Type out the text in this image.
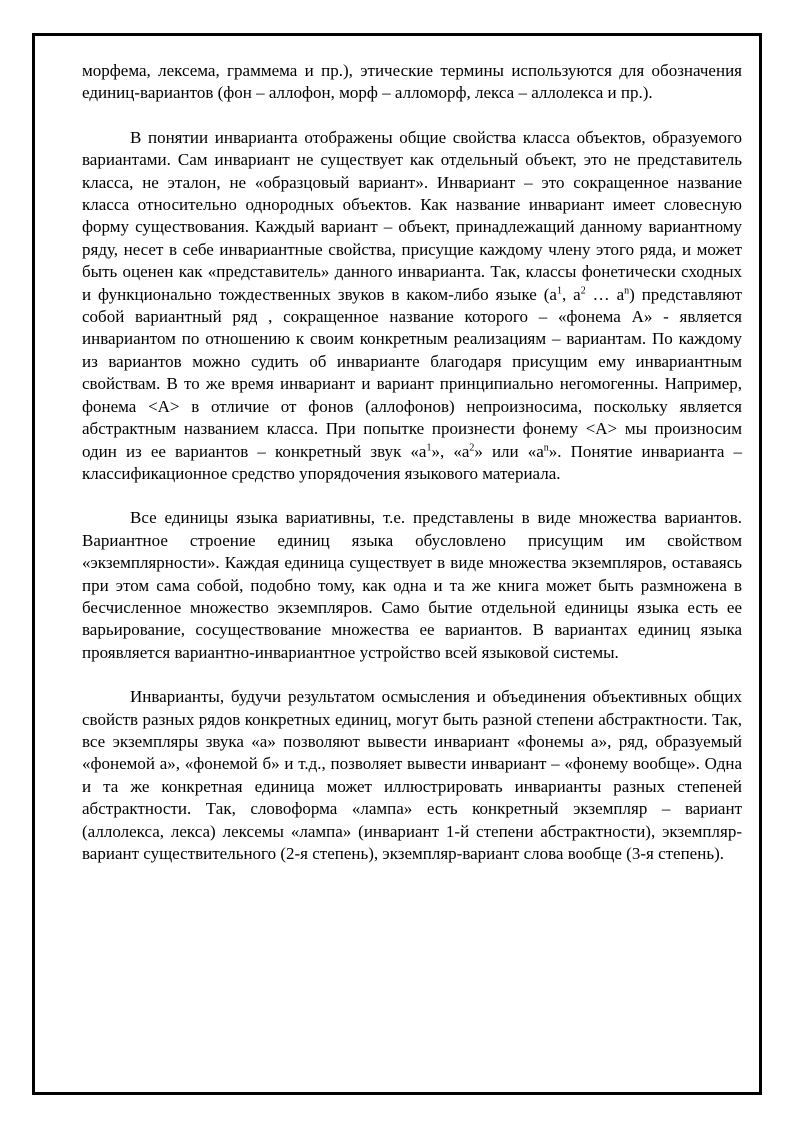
морфема, лексема, граммема и пр.), этические термины используются для обозначения единиц-вариантов (фон – аллофон, морф – алломорф, лекса – аллолекса и пр.).

В понятии инварианта отображены общие свойства класса объектов, образуемого вариантами. Сам инвариант не существует как отдельный объект, это не представитель класса, не эталон, не «образцовый вариант». Инвариант – это сокращенное название класса относительно однородных объектов. Как название инвариант имеет словесную форму существования. Каждый вариант – объект, принадлежащий данному вариантному ряду, несет в себе инвариантные свойства, присущие каждому члену этого ряда, и может быть оценен как «представитель» данного инварианта. Так, классы фонетически сходных и функционально тождественных звуков в каком-либо языке ($а^1$, $а^2$ … $а^n$) представляют собой вариантный ряд , сокращенное название которого – «фонема А» - является инвариантом по отношению к своим конкретным реализациям – вариантам. По каждому из вариантов можно судить об инварианте благодаря присущим ему инвариантным свойствам. В то же время инвариант и вариант принципиально негомогенны. Например, фонема <А> в отличие от фонов (аллофонов) непроизносима, поскольку является абстрактным названием класса. При попытке произнести фонему <А> мы произносим один из ее вариантов – конкретный звук «$а^1$», «$а^2$» или «$а^n$». Понятие инварианта – классификационное средство упорядочения языкового материала.

Все единицы языка вариативны, т.е. представлены в виде множества вариантов. Вариантное строение единиц языка обусловлено присущим им свойством «экземплярности». Каждая единица существует в виде множества экземпляров, оставаясь при этом сама собой, подобно тому, как одна и та же книга может быть размножена в бесчисленное множество экземпляров. Само бытие отдельной единицы языка есть ее варьирование, сосуществование множества ее вариантов. В вариантах единиц языка проявляется вариантно-инвариантное устройство всей языковой системы.

Инварианты, будучи результатом осмысления и объединения объективных общих свойств разных рядов конкретных единиц, могут быть разной степени абстрактности. Так, все экземпляры звука «а» позволяют вывести инвариант «фонемы а», ряд, образуемый «фонемой а», «фонемой б» и т.д., позволяет вывести инвариант – «фонему вообще». Одна и та же конкретная единица может иллюстрировать инварианты разных степеней абстрактности. Так, словоформа «лампа» есть конкретный экземпляр – вариант (аллолекса, лекса) лексемы «лампа» (инвариант 1-й степени абстрактности), экземпляр-вариант существительного (2-я степень), экземпляр-вариант слова вообще (3-я степень).
